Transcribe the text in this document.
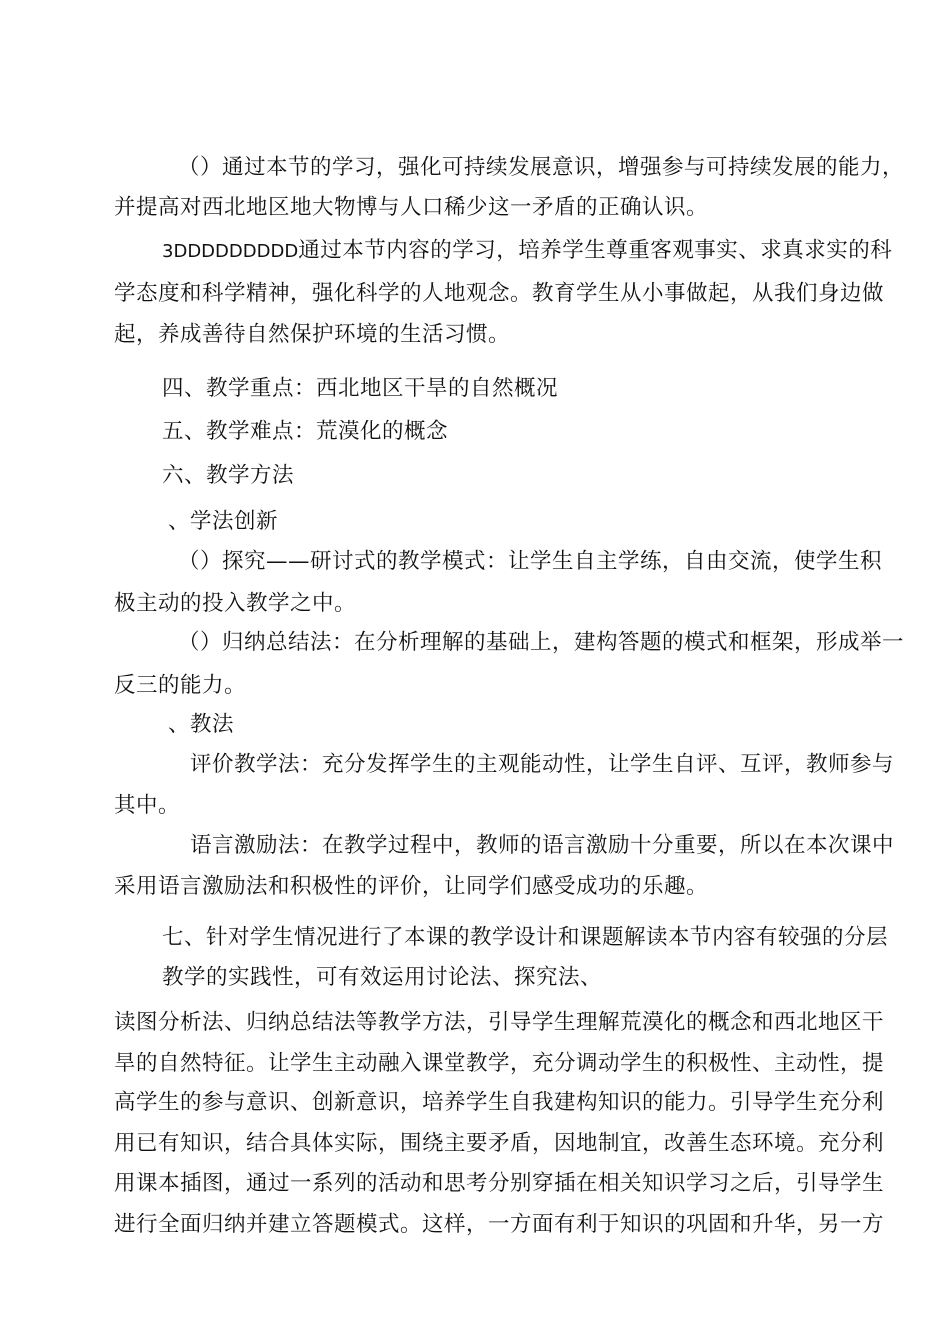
（）通过本节的学习，强化可持续发展意识，增强参与可持续发展的能力，
并提高对西北地区地大物博与人口稀少这一矛盾的正确认识。
3DDDDDDDDD通过本节内容的学习，培养学生尊重客观事实、求真求实的科
学态度和科学精神，强化科学的人地观念。教育学生从小事做起，从我们身边做
起，养成善待自然保护环境的生活习惯。
四、教学重点：西北地区干旱的自然概况
五、教学难点：荒漠化的概念
六、教学方法
、学法创新
（）探究——研讨式的教学模式：让学生自主学练，自由交流，使学生积
极主动的投入教学之中。
（）归纳总结法：在分析理解的基础上，建构答题的模式和框架，形成举一
反三的能力。
、教法
评价教学法：充分发挥学生的主观能动性，让学生自评、互评，教师参与
其中。
语言激励法：在教学过程中，教师的语言激励十分重要，所以在本次课中
采用语言激励法和积极性的评价，让同学们感受成功的乐趣。
七、针对学生情况进行了本课的教学设计和课题解读本节内容有较强的分层
教学的实践性，可有效运用讨论法、探究法、
读图分析法、归纳总结法等教学方法，引导学生理解荒漠化的概念和西北地区干
旱的自然特征。让学生主动融入课堂教学，充分调动学生的积极性、主动性，提
高学生的参与意识、创新意识，培养学生自我建构知识的能力。引导学生充分利
用已有知识，结合具体实际，围绕主要矛盾，因地制宜，改善生态环境。充分利
用课本插图，通过一系列的活动和思考分别穿插在相关知识学习之后，引导学生
进行全面归纳并建立答题模式。这样，一方面有利于知识的巩固和升华，另一方
